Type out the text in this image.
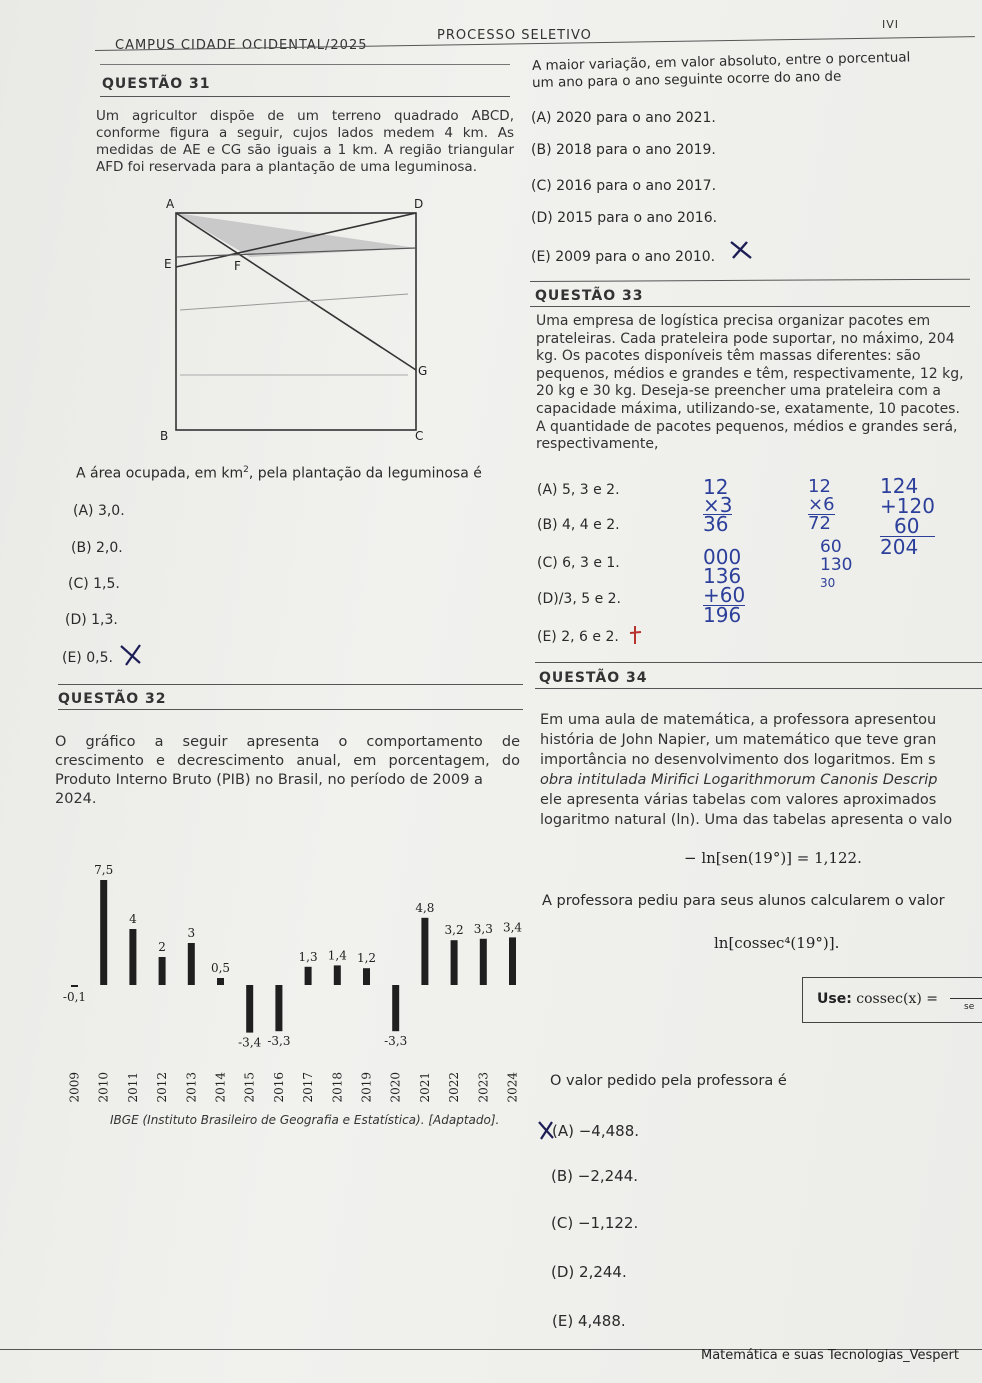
CAMPUS CIDADE OCIDENTAL/2025
PROCESSO SELETIVO
IVI
QUESTÃO 31
Um agricultor dispõe de um terreno quadrado ABCD, conforme figura a seguir, cujos lados medem 4 km. As medidas de AE e CG são iguais a 1 km. A região triangular AFD foi reservada para a plantação de uma leguminosa.
A	D
E	F
G
B	C
A área ocupada, em $km^2$, pela plantação da leguminosa é
(A) 3,0.
(B) 2,0.
(C) 1,5.
(D) 1,3.
(E) 0,5.
A maior variação, em valor absoluto, entre o porcentual
um ano para o ano seguinte ocorre do ano de
(A) 2020 para o ano 2021.
(B) 2018 para o ano 2019.
(C) 2016 para o ano 2017.
(D) 2015 para o ano 2016.
(E) 2009 para o ano 2010.
QUESTÃO 33
Uma empresa de logística precisa organizar pacotes em
prateleiras. Cada prateleira pode suportar, no máximo, 204
kg. Os pacotes disponíveis têm massas diferentes: são
pequenos, médios e grandes e têm, respectivamente, 12 kg,
20 kg e 30 kg. Deseja-se preencher uma prateleira com a
capacidade máxima, utilizando-se, exatamente, 10 pacotes.
A quantidade de pacotes pequenos, médios e grandes será,
respectivamente,
(A) 5, 3 e 2.
(B) 4, 4 e 2.
(C) 6, 3 e 1.
(D)/3, 5 e 2.
(E) 2, 6 e 2.
12
×3
36
12
×6
72
124
+120
60
204
000
136
+60
196
60
130
30
QUESTÃO 32
O gráfico a seguir apresenta o comportamento de
crescimento e decrescimento anual, em porcentagem, do
Produto Interno Bruto (PIB) no Brasil, no período de 2009 a
2024.
-0,1
2009
7,5
2010
4
2011
2
2012
3
2013
0,5
2014
-3,4
2015
-3,3
2016
1,3
2017
1,4
2018
1,2
2019
-3,3
2020
4,8
2021
3,2
2022
3,3
2023
3,4
2024
IBGE (Instituto Brasileiro de Geografia e Estatística). [Adaptado].
QUESTÃO 34
Em uma aula de matemática, a professora apresentou
história de John Napier, um matemático que teve gran
importância no desenvolvimento dos logaritmos. Em s
obra intitulada Mirifici Logarithmorum Canonis Descrip
ele apresenta várias tabelas com valores aproximados
logaritmo natural (ln). Uma das tabelas apresenta o valo
− ln[sen(19°)] = 1,122.
A professora pediu para seus alunos calcularem o valor
ln[cossec⁴(19°)].
Use: cossec(x) =	se
O valor pedido pela professora é
(A) −4,488.
(B) −2,244.
(C) −1,122.
(D) 2,244.
(E) 4,488.
Matemática e suas Tecnologias_Vespert
